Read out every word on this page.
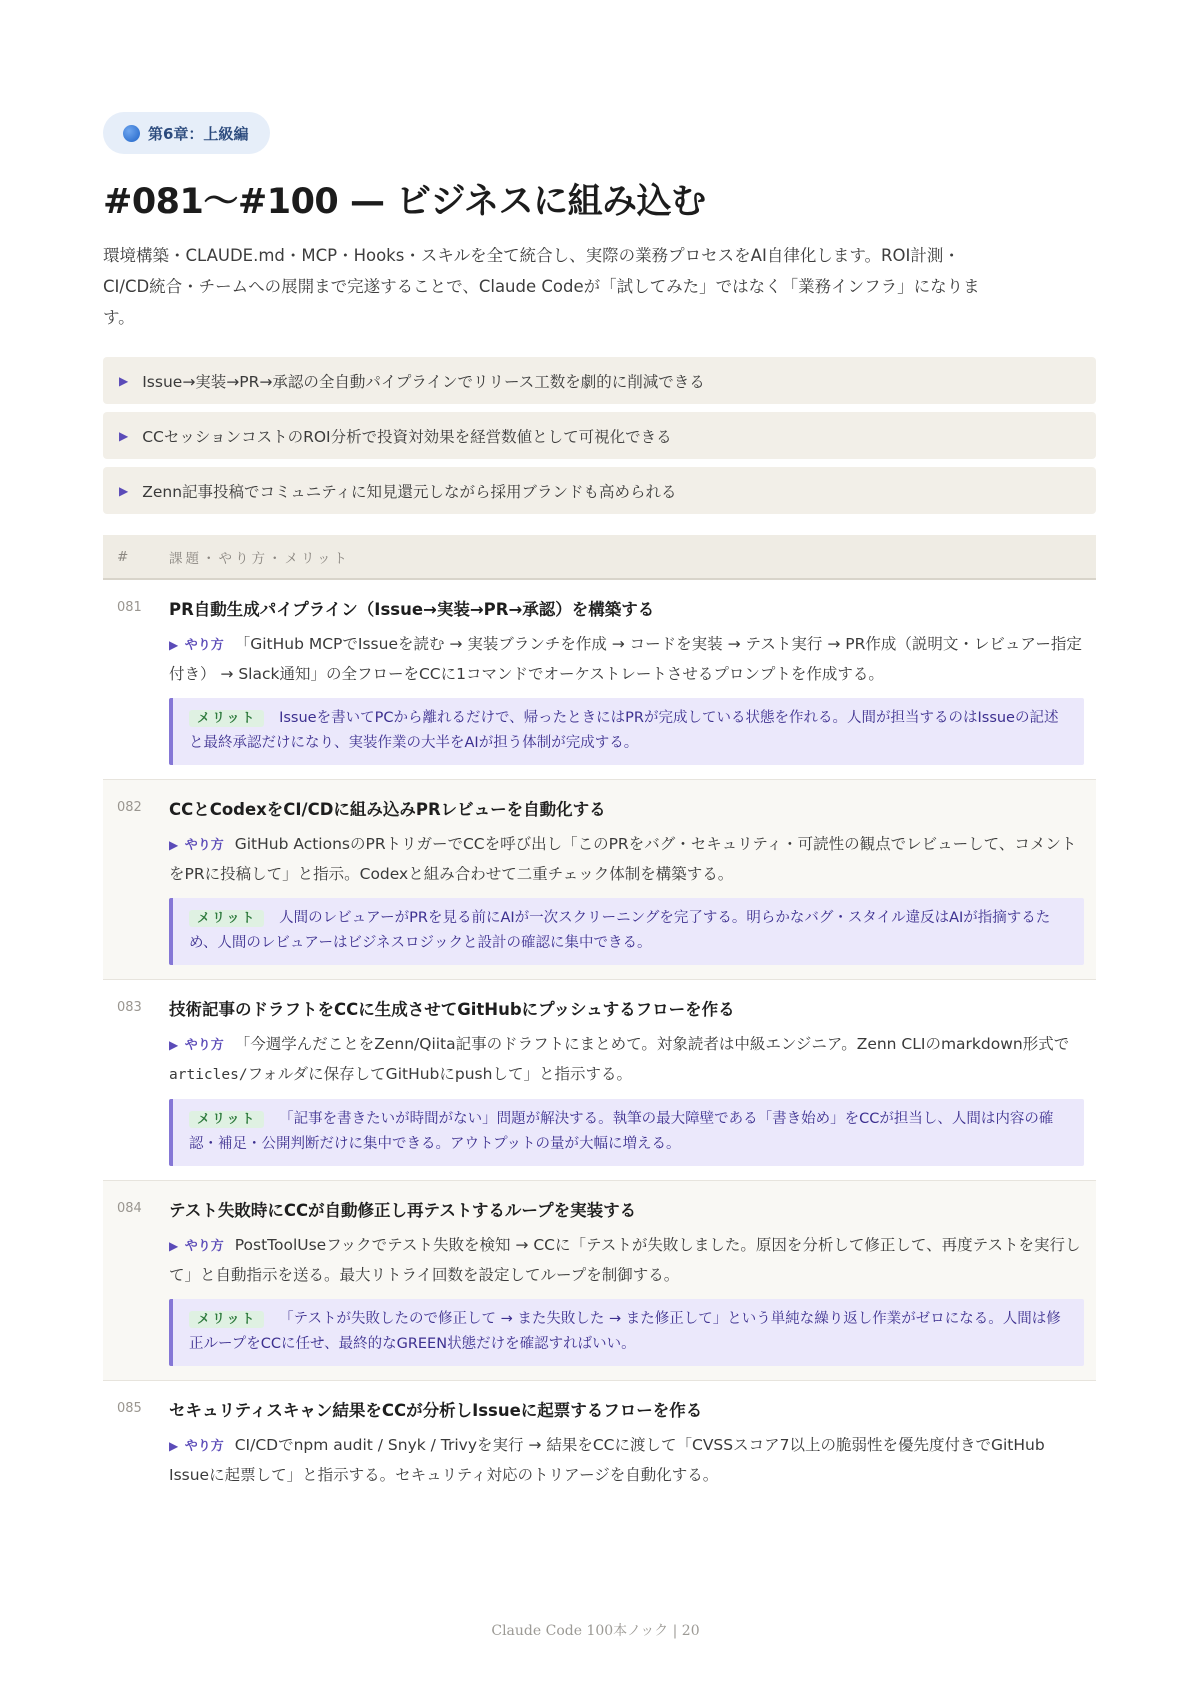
第6章：上級編
#081〜#100 — ビジネスに組み込む

環境構築・CLAUDE.md・MCP・Hooks・スキルを全て統合し、実際の業務プロセスをAI自律化します。ROI計測・CI/CD統合・チームへの展開まで完遂することで、Claude Codeが「試してみた」ではなく「業務インフラ」になります。

▶ Issue→実装→PR→承認の全自動パイプラインでリリース工数を劇的に削減できる
▶ CCセッションコストのROI分析で投資対効果を経営数値として可視化できる
▶ Zenn記事投稿でコミュニティに知見還元しながら採用ブランドも高められる
#	課題・やり方・メリット
081	PR自動生成パイプライン（Issue→実装→PR→承認）を構築する
▶ やり方 「GitHub MCPでIssueを読む → 実装ブランチを作成 → コードを実装 → テスト実行 → PR作成（説明文・レビュアー指定付き） → Slack通知」の全フローをCCに1コマンドでオーケストレートさせるプロンプトを作成する。
メリット Issueを書いてPCから離れるだけで、帰ったときにはPRが完成している状態を作れる。人間が担当するのはIssueの記述と最終承認だけになり、実装作業の大半をAIが担う体制が完成する。
082	CCとCodexをCI/CDに組み込みPRレビューを自動化する
▶ やり方 GitHub ActionsのPRトリガーでCCを呼び出し「このPRをバグ・セキュリティ・可読性の観点でレビューして、コメントをPRに投稿して」と指示。Codexと組み合わせて二重チェック体制を構築する。
メリット 人間のレビュアーがPRを見る前にAIが一次スクリーニングを完了する。明らかなバグ・スタイル違反はAIが指摘するため、人間のレビュアーはビジネスロジックと設計の確認に集中できる。
083	技術記事のドラフトをCCに生成させてGitHubにプッシュするフローを作る
▶ やり方 「今週学んだことをZenn/Qiita記事のドラフトにまとめて。対象読者は中級エンジニア。Zenn CLIのmarkdown形式でarticles/フォルダに保存してGitHubにpushして」と指示する。
メリット 「記事を書きたいが時間がない」問題が解決する。執筆の最大障壁である「書き始め」をCCが担当し、人間は内容の確認・補足・公開判断だけに集中できる。アウトプットの量が大幅に増える。
084	テスト失敗時にCCが自動修正し再テストするループを実装する
▶ やり方 PostToolUseフックでテスト失敗を検知 → CCに「テストが失敗しました。原因を分析して修正して、再度テストを実行して」と自動指示を送る。最大リトライ回数を設定してループを制御する。
メリット 「テストが失敗したので修正して → また失敗した → また修正して」という単純な繰り返し作業がゼロになる。人間は修正ループをCCに任せ、最終的なGREEN状態だけを確認すればいい。
085	セキュリティスキャン結果をCCが分析しIssueに起票するフローを作る
▶ やり方 CI/CDでnpm audit / Snyk / Trivyを実行 → 結果をCCに渡して「CVSSスコア7以上の脆弱性を優先度付きでGitHub Issueに起票して」と指示する。セキュリティ対応のトリアージを自動化する。
Claude Code 100本ノック | 20
